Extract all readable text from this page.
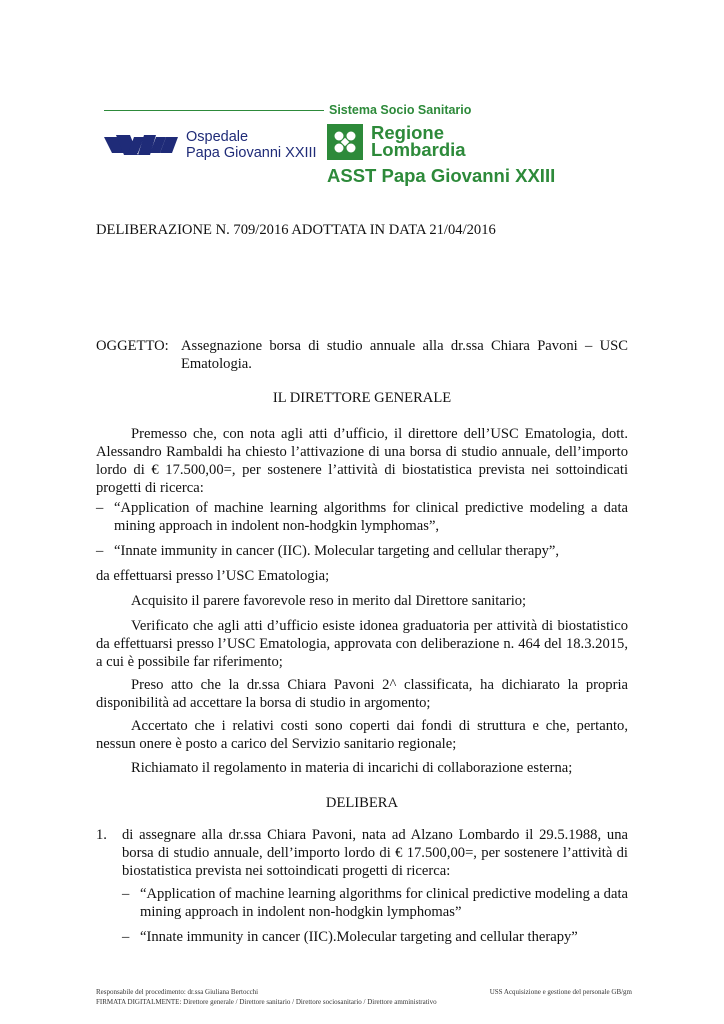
Sistema Socio Sanitario
Ospedale
Papa Giovanni XXIII
Regione
Lombardia
ASST Papa Giovanni XXIII
DELIBERAZIONE N. 709/2016 ADOTTATA IN DATA 21/04/2016
OGGETTO: Assegnazione borsa di studio annuale alla dr.ssa Chiara Pavoni – USC Ematologia.
IL DIRETTORE GENERALE
Premesso che, con nota agli atti d’ufficio, il direttore dell’USC Ematologia, dott. Alessandro Rambaldi ha chiesto l’attivazione di una borsa di studio annuale, dell’importo lordo di € 17.500,00=, per sostenere l’attività di biostatistica prevista nei sottoindicati progetti di ricerca:
– “Application of machine learning algorithms for clinical predictive modeling a data mining approach in indolent non-hodgkin lymphomas”,
– “Innate immunity in cancer (IIC). Molecular targeting and cellular therapy”,
da effettuarsi presso l’USC Ematologia;
Acquisito il parere favorevole reso in merito dal Direttore sanitario;
Verificato che agli atti d’ufficio esiste idonea graduatoria per attività di biostatistico da effettuarsi presso l’USC Ematologia, approvata con deliberazione n. 464 del 18.3.2015, a cui è possibile far riferimento;
Preso atto che la dr.ssa Chiara Pavoni 2^ classificata, ha dichiarato la propria disponibilità ad accettare la borsa di studio in argomento;
Accertato che i relativi costi sono coperti dai fondi di struttura e che, pertanto, nessun onere è posto a carico del Servizio sanitario regionale;
Richiamato il regolamento in materia di incarichi di collaborazione esterna;
DELIBERA
1. di assegnare alla dr.ssa Chiara Pavoni, nata ad Alzano Lombardo il 29.5.1988, una borsa di studio annuale, dell’importo lordo di € 17.500,00=, per sostenere l’attività di biostatistica prevista nei sottoindicati progetti di ricerca:
– “Application of machine learning algorithms for clinical predictive modeling a data mining approach in indolent non-hodgkin lymphomas”
– “Innate immunity in cancer (IIC).Molecular targeting and cellular therapy”
Responsabile del procedimento: dr.ssa Giuliana Bertocchi	USS Acquisizione e gestione del personale GB/gm
FIRMATA DIGITALMENTE: Direttore generale / Direttore sanitario / Direttore sociosanitario / Direttore amministrativo
